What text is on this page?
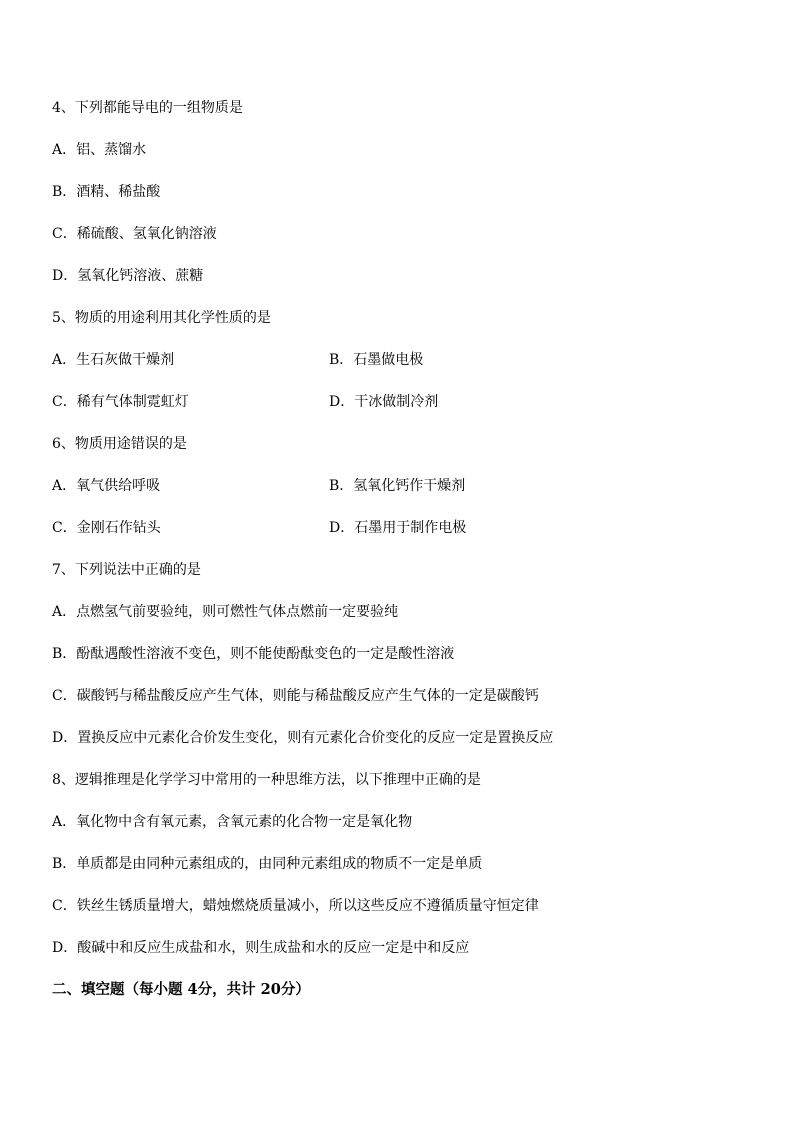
4、下列都能导电的一组物质是
A．铝、蒸馏水
B．酒精、稀盐酸
C．稀硫酸、氢氧化钠溶液
D．氢氧化钙溶液、蔗糖
5、物质的用途利用其化学性质的是
A．生石灰做干燥剂	B．石墨做电极
C．稀有气体制霓虹灯	D．干冰做制冷剂
6、物质用途错误的是
A．氧气供给呼吸	B．氢氧化钙作干燥剂
C．金刚石作钻头	D．石墨用于制作电极
7、下列说法中正确的是
A．点燃氢气前要验纯，则可燃性气体点燃前一定要验纯
B．酚酞遇酸性溶液不变色，则不能使酚酞变色的一定是酸性溶液
C．碳酸钙与稀盐酸反应产生气体，则能与稀盐酸反应产生气体的一定是碳酸钙
D．置换反应中元素化合价发生变化，则有元素化合价变化的反应一定是置换反应
8、逻辑推理是化学学习中常用的一种思维方法，以下推理中正确的是
A．氧化物中含有氧元素，含氧元素的化合物一定是氧化物
B．单质都是由同种元素组成的，由同种元素组成的物质不一定是单质
C．铁丝生锈质量增大，蜡烛燃烧质量减小，所以这些反应不遵循质量守恒定律
D．酸碱中和反应生成盐和水，则生成盐和水的反应一定是中和反应
二、填空题（每小题 4分，共计 20分）
